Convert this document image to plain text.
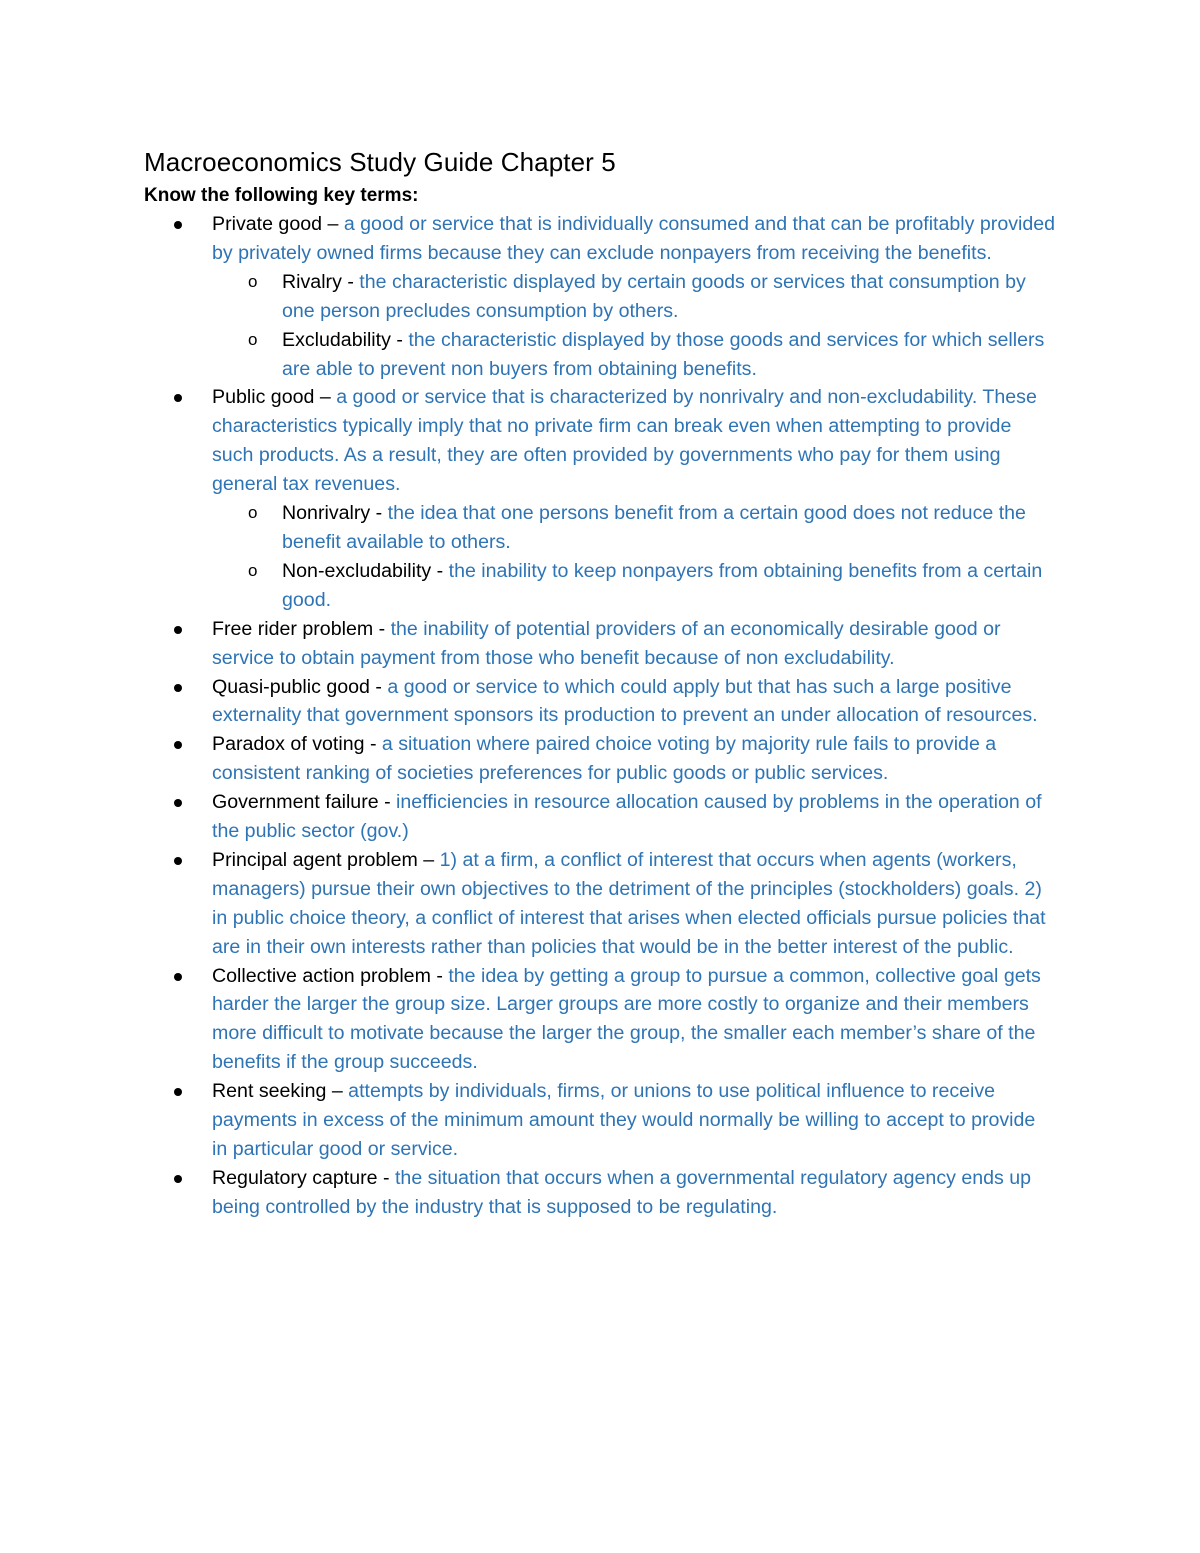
Macroeconomics Study Guide Chapter 5

Know the following key terms:

Private good – a good or service that is individually consumed and that can be profitably provided by privately owned firms because they can exclude nonpayers from receiving the benefits.
o Rivalry - the characteristic displayed by certain goods or services that consumption by one person precludes consumption by others.
o Excludability - the characteristic displayed by those goods and services for which sellers are able to prevent non buyers from obtaining benefits.
Public good – a good or service that is characterized by nonrivalry and non-excludability. These characteristics typically imply that no private firm can break even when attempting to provide such products. As a result, they are often provided by governments who pay for them using general tax revenues.
o Nonrivalry - the idea that one persons benefit from a certain good does not reduce the benefit available to others.
o Non-excludability - the inability to keep nonpayers from obtaining benefits from a certain good.
Free rider problem - the inability of potential providers of an economically desirable good or service to obtain payment from those who benefit because of non excludability.
Quasi-public good - a good or service to which could apply but that has such a large positive externality that government sponsors its production to prevent an under allocation of resources.
Paradox of voting - a situation where paired choice voting by majority rule fails to provide a consistent ranking of societies preferences for public goods or public services.
Government failure - inefficiencies in resource allocation caused by problems in the operation of the public sector (gov.)
Principal agent problem – 1) at a firm, a conflict of interest that occurs when agents (workers, managers) pursue their own objectives to the detriment of the principles (stockholders) goals. 2) in public choice theory, a conflict of interest that arises when elected officials pursue policies that are in their own interests rather than policies that would be in the better interest of the public.
Collective action problem - the idea by getting a group to pursue a common, collective goal gets harder the larger the group size. Larger groups are more costly to organize and their members more difficult to motivate because the larger the group, the smaller each member’s share of the benefits if the group succeeds.
Rent seeking – attempts by individuals, firms, or unions to use political influence to receive payments in excess of the minimum amount they would normally be willing to accept to provide in particular good or service.
Regulatory capture - the situation that occurs when a governmental regulatory agency ends up being controlled by the industry that is supposed to be regulating.
